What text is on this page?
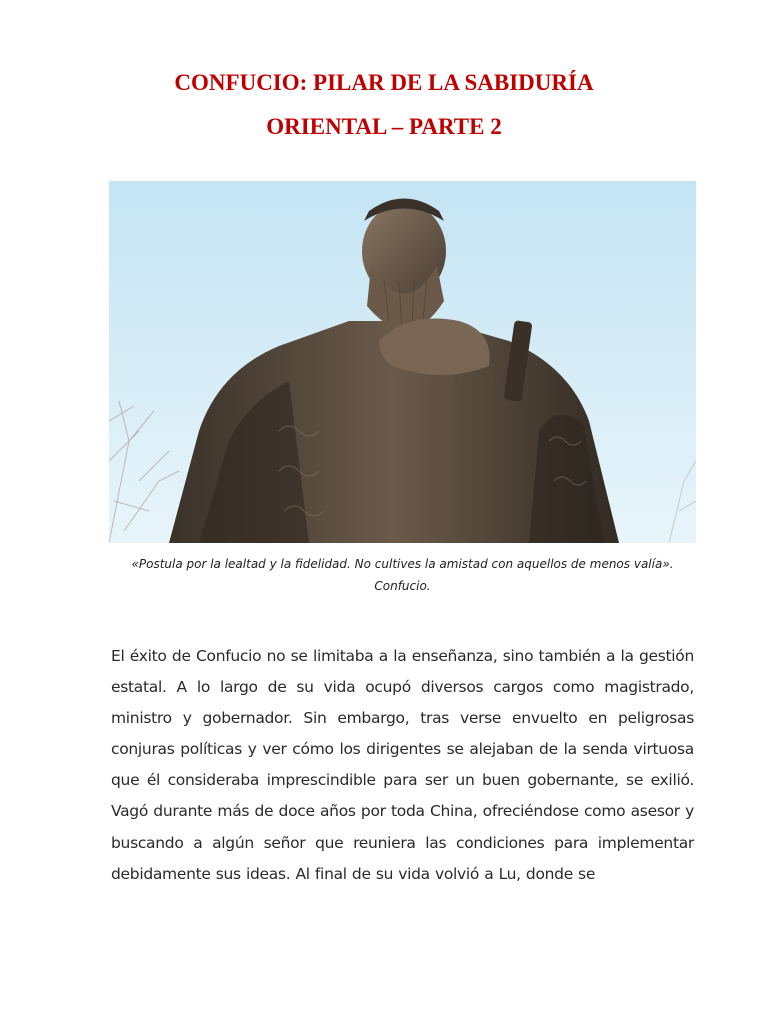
CONFUCIO: PILAR DE LA SABIDURÍA
ORIENTAL – PARTE 2
«Postula por la lealtad y la fidelidad. No cultives la amistad con aquellos de menos valía». Confucio.

El éxito de Confucio no se limitaba a la enseñanza, sino también a la gestión estatal. A lo largo de su vida ocupó diversos cargos como magistrado, ministro y gobernador. Sin embargo, tras verse envuelto en peligrosas conjuras políticas y ver cómo los dirigentes se alejaban de la senda virtuosa que él consideraba imprescindible para ser un buen gobernante, se exilió. Vagó durante más de doce años por toda China, ofreciéndose como asesor y buscando a algún señor que reuniera las condiciones para implementar debidamente sus ideas. Al final de su vida volvió a Lu, donde se
